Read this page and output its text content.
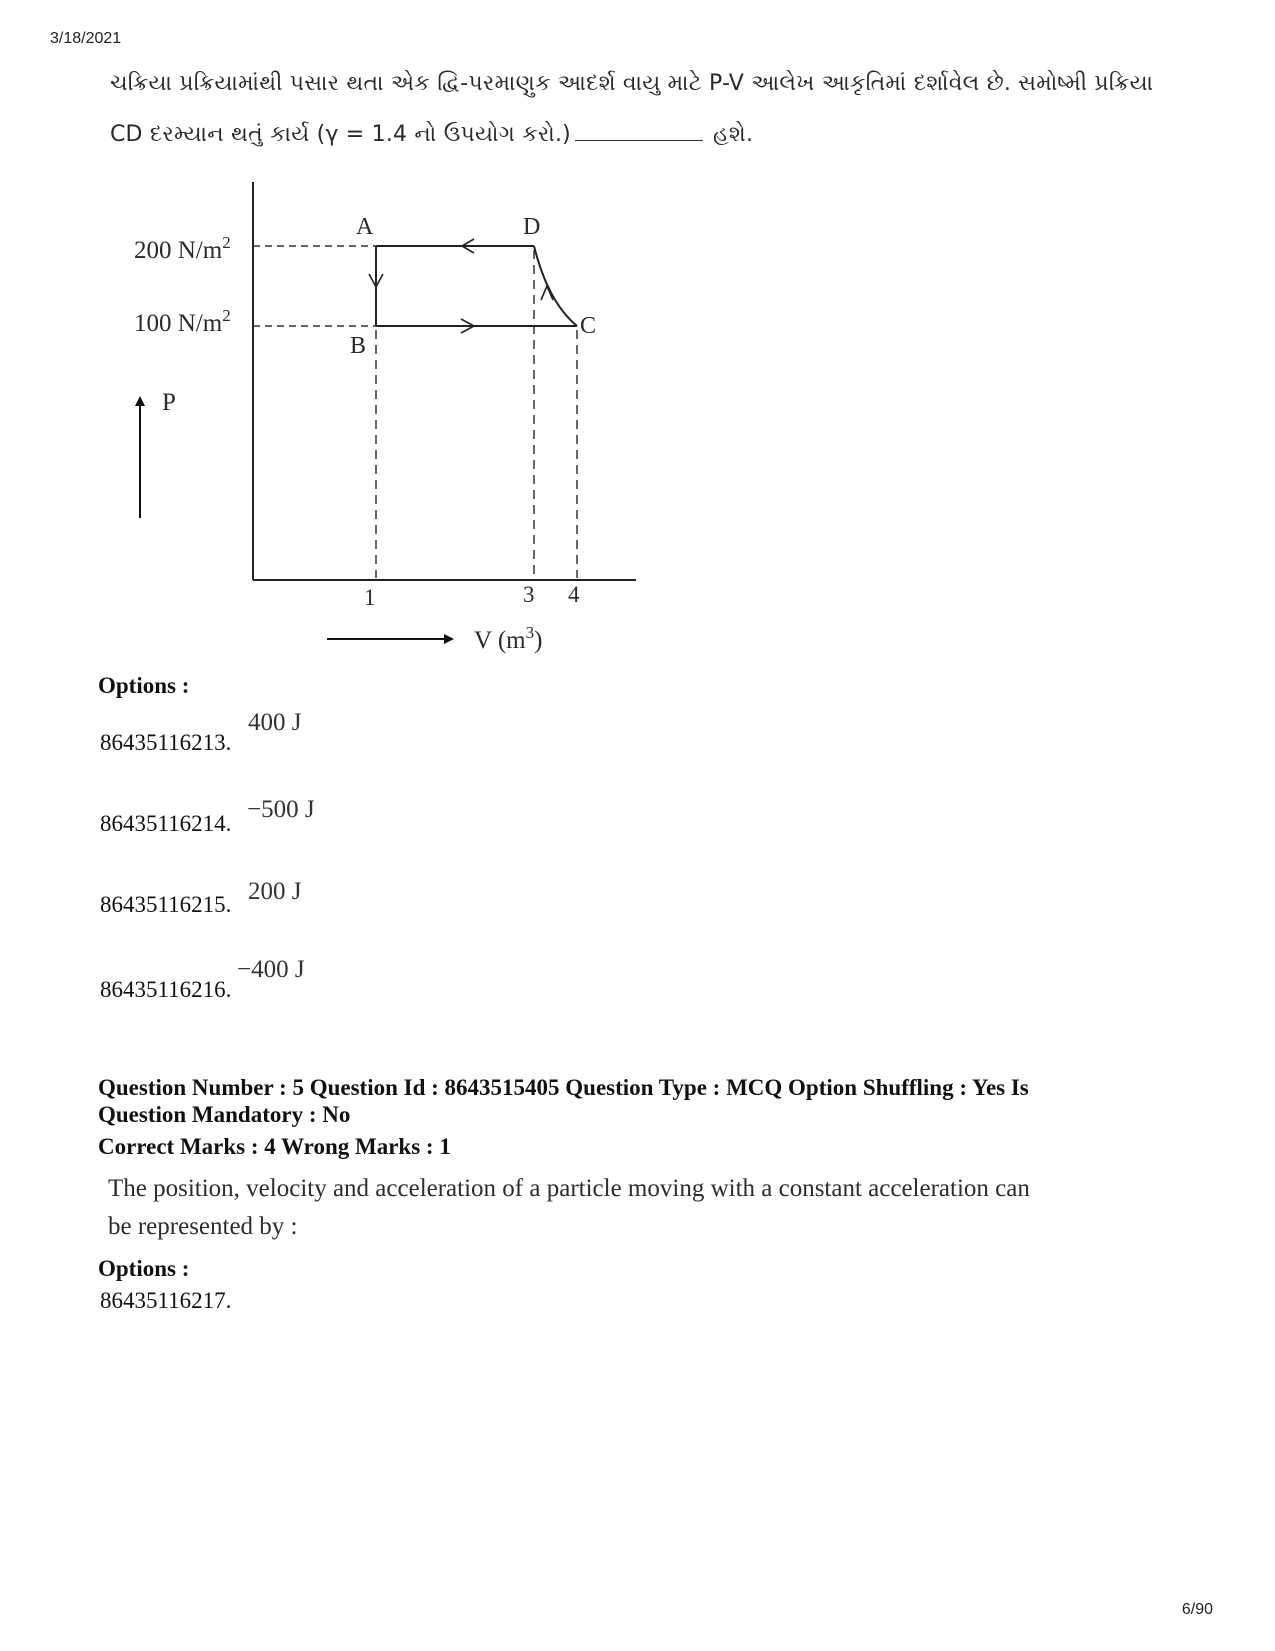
3/18/2021
ચક્રિયા પ્રક્રિયામાંથી પસાર થતા એક દ્વિ-પરમાણુક આદર્શ વાયુ માટે P-V આલેખ આકૃતિમાં દર્શાવેલ છે. સમોષ્મી પ્રક્રિયા
CD દરમ્યાન થતું કાર્ય (γ = 1.4 નો ઉપયોગ કરો.)	હશે.
200 $N/m^2$
100 $N/m^2$
A	D
C
B
P
1	3 4
V $(m^3)$
Options :
86435116213.
400 J
86435116214.
−500 J
86435116215. 200 J
86435116216.
−400 J
Question Number : 5 Question Id : 8643515405 Question Type : MCQ Option Shuffling : Yes Is
Question Mandatory : No
Correct Marks : 4 Wrong Marks : 1
The position, velocity and acceleration of a particle moving with a constant acceleration can
be represented by :
Options :
86435116217.
6/90
